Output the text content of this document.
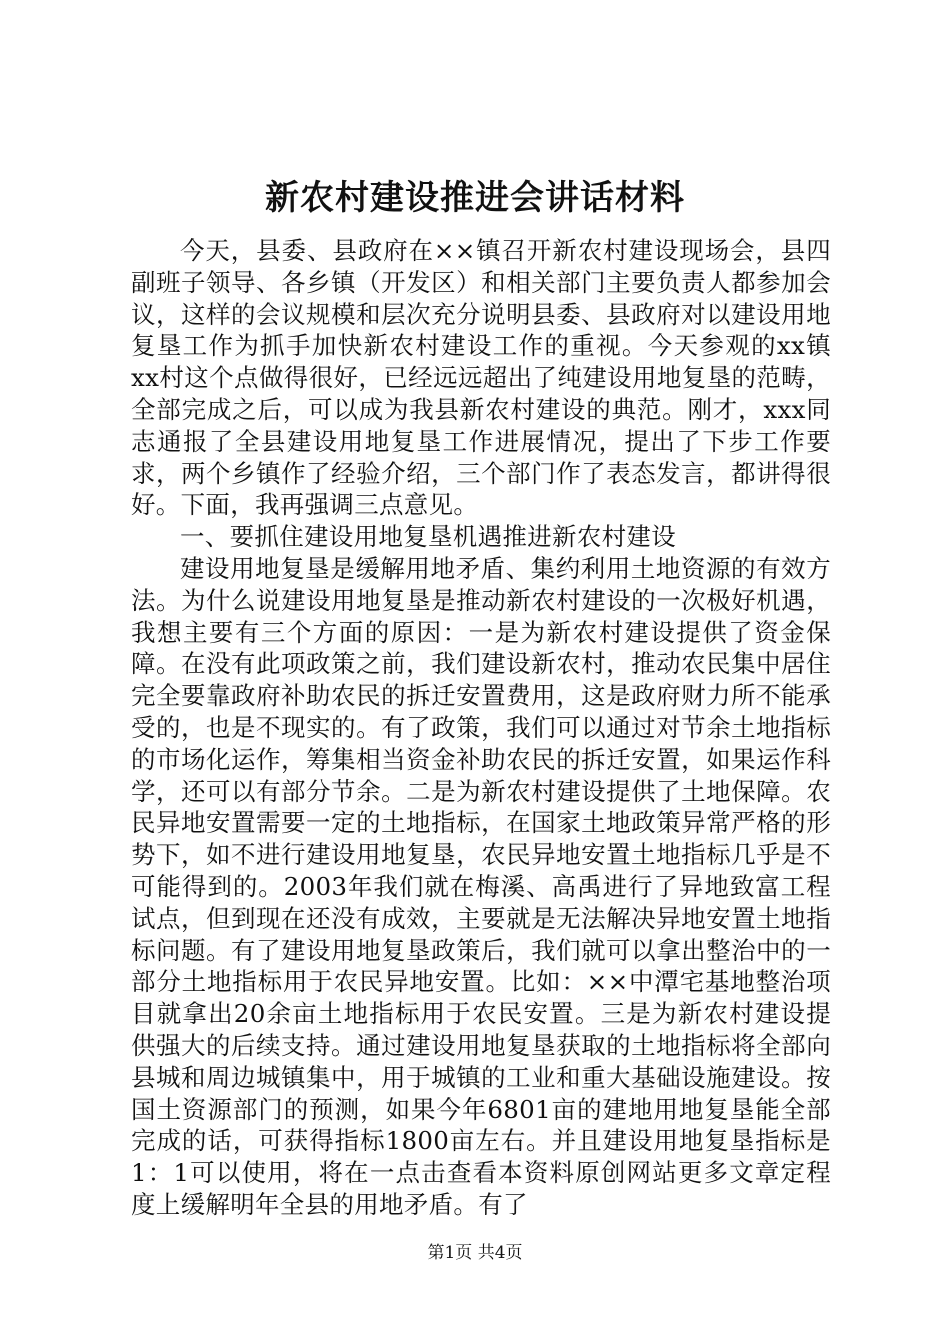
新农村建设推进会讲话材料

今天，县委、县政府在××镇召开新农村建设现场会，县四副班子领导、各乡镇（开发区）和相关部门主要负责人都参加会议，这样的会议规模和层次充分说明县委、县政府对以建设用地复垦工作为抓手加快新农村建设工作的重视。今天参观的xx镇xx村这个点做得很好，已经远远超出了纯建设用地复垦的范畴，全部完成之后，可以成为我县新农村建设的典范。刚才，xxx同志通报了全县建设用地复垦工作进展情况，提出了下步工作要求，两个乡镇作了经验介绍，三个部门作了表态发言，都讲得很好。下面，我再强调三点意见。

一、要抓住建设用地复垦机遇推进新农村建设

建设用地复垦是缓解用地矛盾、集约利用土地资源的有效方法。为什么说建设用地复垦是推动新农村建设的一次极好机遇，我想主要有三个方面的原因：一是为新农村建设提供了资金保障。在没有此项政策之前，我们建设新农村，推动农民集中居住完全要靠政府补助农民的拆迁安置费用，这是政府财力所不能承受的，也是不现实的。有了政策，我们可以通过对节余土地指标的市场化运作，筹集相当资金补助农民的拆迁安置，如果运作科学，还可以有部分节余。二是为新农村建设提供了土地保障。农民异地安置需要一定的土地指标，在国家土地政策异常严格的形势下，如不进行建设用地复垦，农民异地安置土地指标几乎是不可能得到的。2003年我们就在梅溪、高禹进行了异地致富工程试点，但到现在还没有成效，主要就是无法解决异地安置土地指标问题。有了建设用地复垦政策后，我们就可以拿出整治中的一部分土地指标用于农民异地安置。比如：××中潭宅基地整治项目就拿出20余亩土地指标用于农民安置。三是为新农村建设提供强大的后续支持。通过建设用地复垦获取的土地指标将全部向县城和周边城镇集中，用于城镇的工业和重大基础设施建设。按国土资源部门的预测，如果今年6801亩的建地用地复垦能全部完成的话，可获得指标1800亩左右。并且建设用地复垦指标是1：1可以使用，将在一点击查看本资料原创网站更多文章定程度上缓解明年全县的用地矛盾。有了

第1页 共4页
